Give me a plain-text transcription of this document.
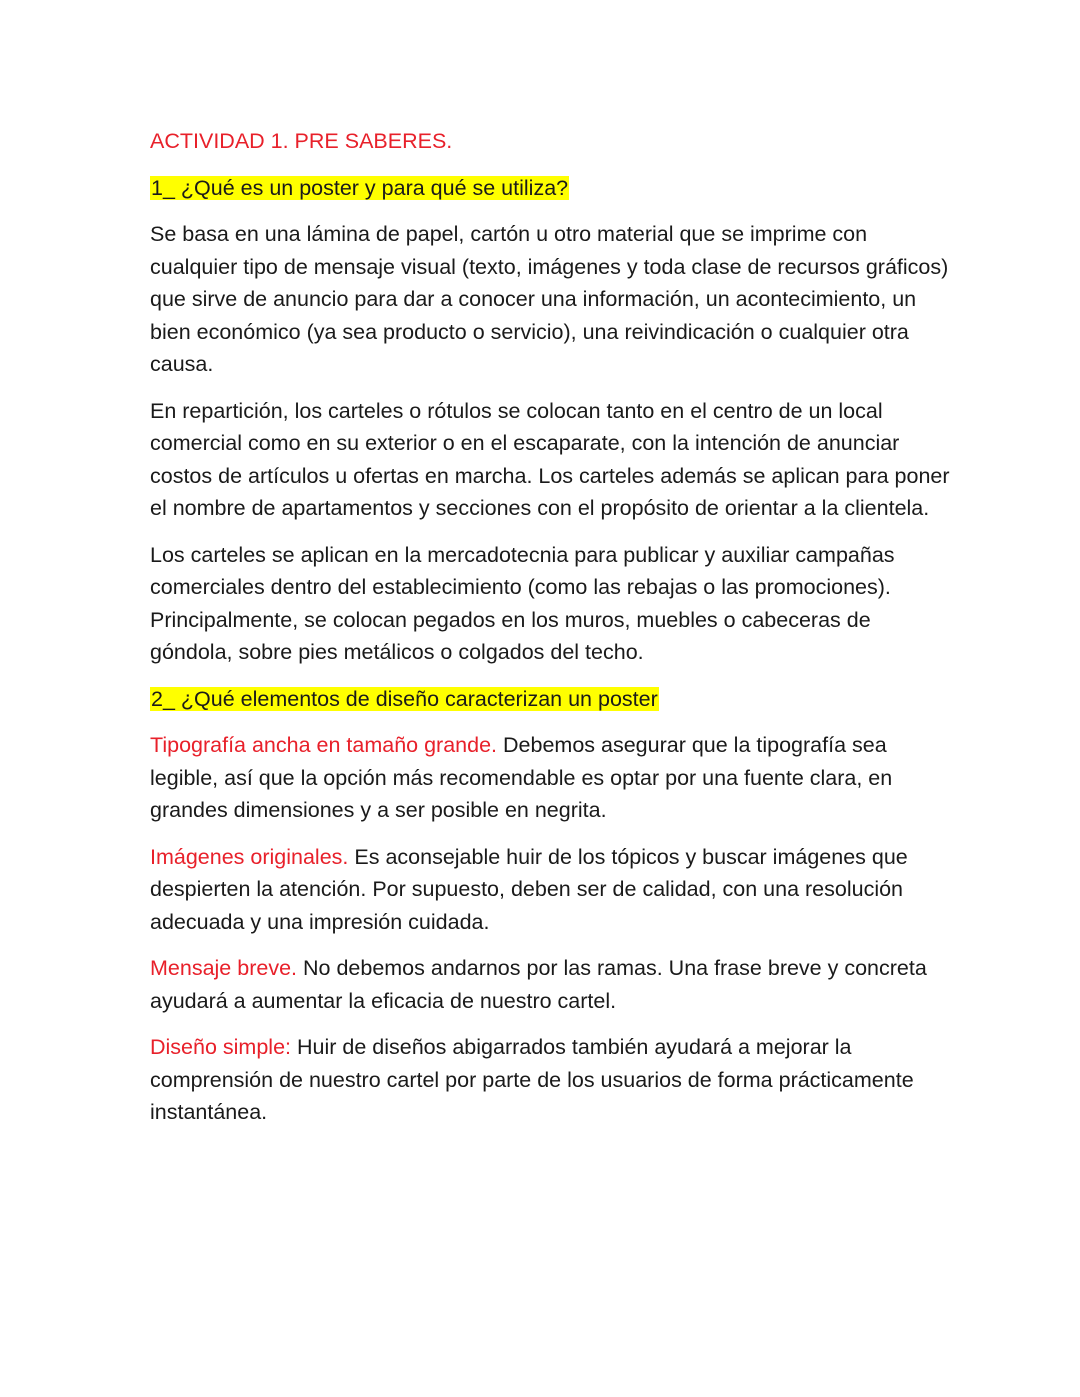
ACTIVIDAD 1. PRE SABERES.

1_ ¿Qué es un poster y para qué se utiliza?

Se basa en una lámina de papel, cartón u otro material que se imprime con cualquier tipo de mensaje visual (texto, imágenes y toda clase de recursos gráficos) que sirve de anuncio para dar a conocer una información, un acontecimiento, un bien económico (ya sea producto o servicio), una reivindicación o cualquier otra causa.

En repartición, los carteles o rótulos se colocan tanto en el centro de un local comercial como en su exterior o en el escaparate, con la intención de anunciar costos de artículos u ofertas en marcha. Los carteles además se aplican para poner el nombre de apartamentos y secciones con el propósito de orientar a la clientela.

Los carteles se aplican en la mercadotecnia para publicar y auxiliar campañas comerciales dentro del establecimiento (como las rebajas o las promociones). Principalmente, se colocan pegados en los muros, muebles o cabeceras de góndola, sobre pies metálicos o colgados del techo.

2_ ¿Qué elementos de diseño caracterizan un poster

Tipografía ancha en tamaño grande. Debemos asegurar que la tipografía sea legible, así que la opción más recomendable es optar por una fuente clara, en grandes dimensiones y a ser posible en negrita.

Imágenes originales. Es aconsejable huir de los tópicos y buscar imágenes que despierten la atención. Por supuesto, deben ser de calidad, con una resolución adecuada y una impresión cuidada.

Mensaje breve. No debemos andarnos por las ramas. Una frase breve y concreta ayudará a aumentar la eficacia de nuestro cartel.

Diseño simple: Huir de diseños abigarrados también ayudará a mejorar la comprensión de nuestro cartel por parte de los usuarios de forma prácticamente instantánea.
